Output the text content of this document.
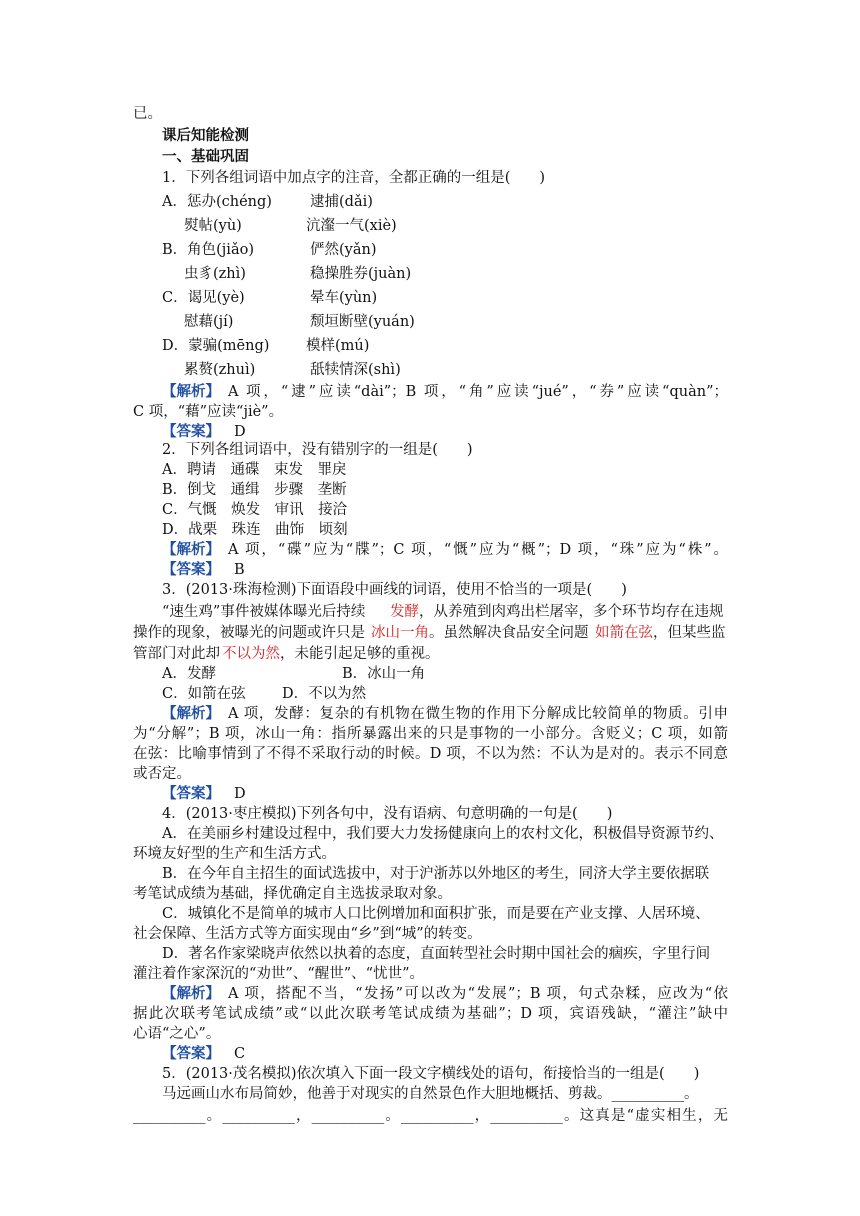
已。
课后知能检测
一、基础巩固
1．下列各组词语中加点字的注音，全都正确的一组是(　　)
A．惩办(chéng)	逮捕(dǎi)
熨帖(yù)	沆瀣一气(xiè)
B．角色(jiǎo)	俨然(yǎn)
虫豸(zhì)	稳操胜券(juàn)
C．谒见(yè)	晕车(yùn)
慰藉(jí)	颓垣断壁(yuán)
D．蒙骗(mēng)	模样(mú)
累赘(zhuì)	舐犊情深(shì)
【解析】 A 项，“逮”应读“dài”；B 项，“角”应读“jué”，“券”应读“quàn”；
C 项，“藉”应读“jiè”。
【答案】 D
2．下列各组词语中，没有错别字的一组是(　　)
A．聘请　通碟　束发　罪戾
B．倒戈　通缉　步骤　垄断
C．气慨　焕发　审讯　接洽
D．战栗　珠连　曲饰　顷刻
【解析】 A 项，“碟”应为“牒”；C 项，“慨”应为“概”；D 项，“珠”应为“株”。
【答案】 B
3．(2013·珠海检测)下面语段中画线的词语，使用不恰当的一项是(　　)
“速生鸡”事件被媒体曝光后持续 发酵 ，从养殖到肉鸡出栏屠宰，多个环节均存在违规
操作的现象，被曝光的问题或许只是 冰山一角 。虽然解决食品安全问题 如箭在弦 ，但某些监
管部门对此却 不以为然 ，未能引起足够的重视。
A．发酵	B．冰山一角
C．如箭在弦	D．不以为然
【解析】 A 项，发酵：复杂的有机物在微生物的作用下分解成比较简单的物质。引申
为“分解”；B 项，冰山一角：指所暴露出来的只是事物的一小部分。含贬义；C 项，如箭
在弦：比喻事情到了不得不采取行动的时候。D 项，不以为然：不认为是对的。表示不同意
或否定。
【答案】 D
4．(2013·枣庄模拟)下列各句中，没有语病、句意明确的一句是(　　)
A．在美丽乡村建设过程中，我们要大力发扬健康向上的农村文化，积极倡导资源节约、
环境友好型的生产和生活方式。
B．在今年自主招生的面试选拔中，对于沪浙苏以外地区的考生，同济大学主要依据联
考笔试成绩为基础，择优确定自主选拔录取对象。
C．城镇化不是简单的城市人口比例增加和面积扩张，而是要在产业支撑、人居环境、
社会保障、生活方式等方面实现由“乡”到“城”的转变。
D．著名作家梁晓声依然以执着的态度，直面转型社会时期中国社会的痼疾，字里行间
灌注着作家深沉的“劝世”、“醒世”、“忧世”。
【解析】 A 项，搭配不当，“发扬”可以改为“发展”；B 项，句式杂糅，应改为“依
据此次联考笔试成绩”或“以此次联考笔试成绩为基础”；D 项，宾语残缺，“灌注”缺中
心语“之心”。
【答案】 C
5．(2013·茂名模拟)依次填入下面一段文字横线处的语句，衔接恰当的一组是(　　)
马远画山水布局简妙，他善于对现实的自然景色作大胆地概括、剪裁。__________。
__________。__________，__________。__________，__________。这真是“虚实相生，无
